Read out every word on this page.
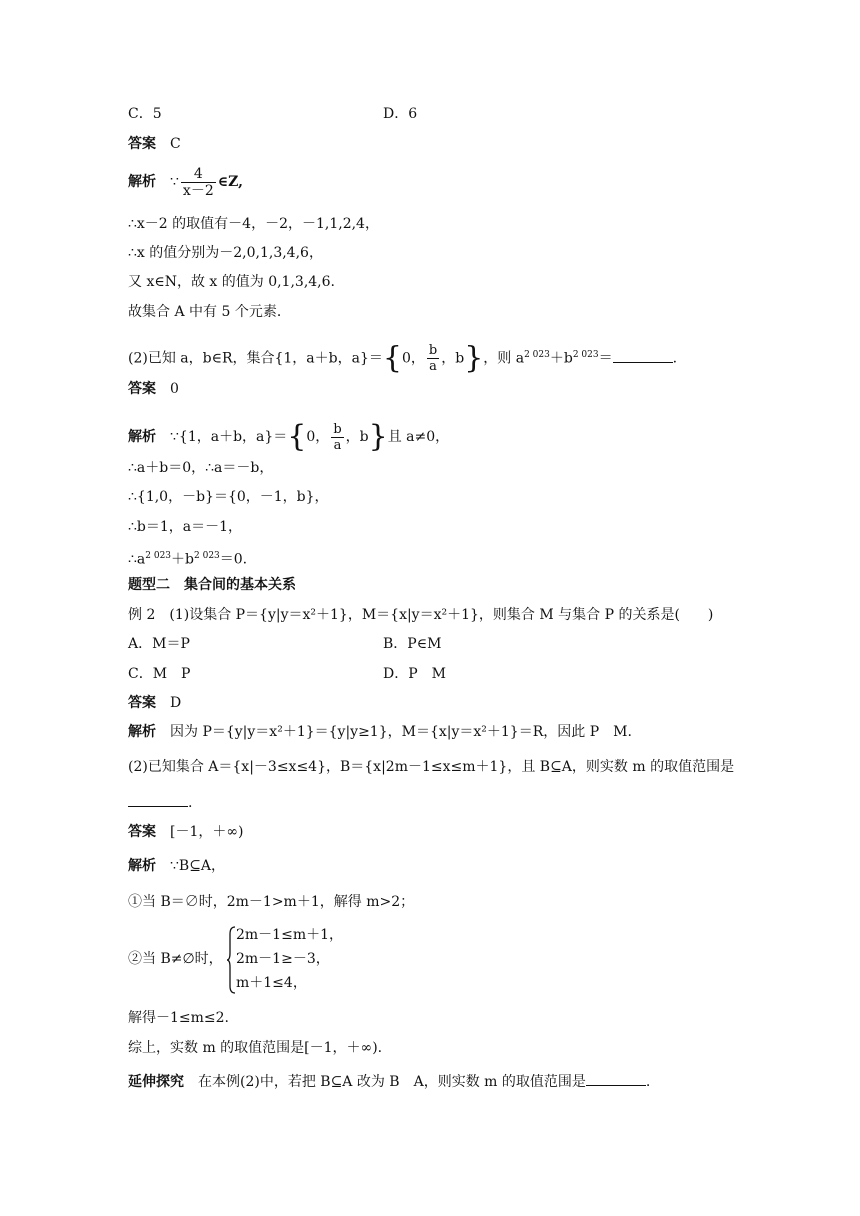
C．5	D．6
答案 C
解析 ∵ $\frac{4}{x-2}$ ∈Z,
∴x－2 的取值有－4，－2，－1,1,2,4，
∴x 的值分别为－2,0,1,3,4,6，
又 x∈N，故 x 的值为 0,1,3,4,6.
故集合 A 中有 5 个元素．
(2)已知 a，b∈R，集合{1，a＋b，a}＝{0， $\frac{b}{a}$ ，b}，则 $a^{2 023}+b^{2 023}=$	.
答案 0
解析 ∵{1，a＋b，a}＝{0， $\frac{b}{a}$ ，b}且 a≠0，
∴a＋b＝0，∴a＝－b，
∴{1,0，－b}＝{0，－1，b}，
∴b＝1，a＝－1，
$\therefore a^{2 023}+b^{2 023}=0$.
题型二　集合间的基本关系
例 2　(1)设集合 P＝{y|y＝x²＋1}，M＝{x|y＝x²＋1}，则集合 M 与集合 P 的关系是(　　)
A．M＝P	B．P∈M
C．M　P	D．P　M
答案 D
解析 因为 P＝{y|y＝x²＋1}＝{y|y≥1}，M＝{x|y＝x²＋1}＝R，因此 P　M.
(2)已知集合 A＝{x|－3≤x≤4}，B＝{x|2m－1≤x≤m＋1}，且 B⊆A，则实数 m 的取值范围是
.
答案 [－1，＋∞)
解析 ∵B⊆A，
①当 B＝∅时，2m－1>m＋1，解得 m>2；
②当 B≠∅时，
2m－1≤m＋1，
2m－1≥－3，
m＋1≤4，
解得－1≤m≤2.
综上，实数 m 的取值范围是[－1，＋∞).
延伸探究 在本例(2)中，若把 B⊆A 改为 B　A，则实数 m 的取值范围是	.
